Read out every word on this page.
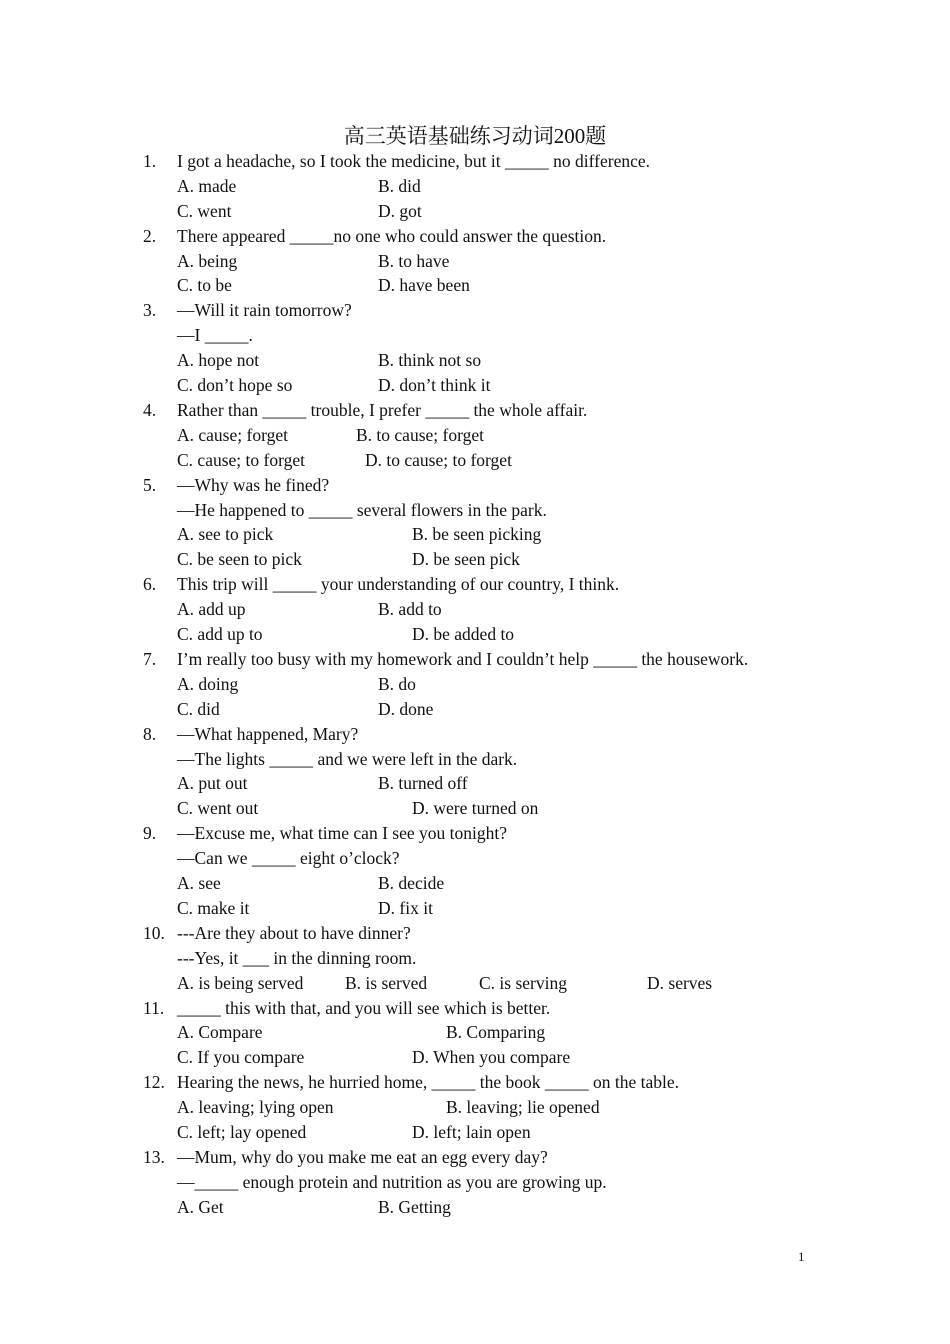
高三英语基础练习动词200题
1. I got a headache, so I took the medicine, but it _____ no difference.
A. made	B. did
C. went	D. got
2. There appeared _____no one who could answer the question.
A. being	B. to have
C. to be	D. have been
3. —Will it rain tomorrow?
—I _____.
A. hope not	B. think not so
C. don’t hope so	D. don’t think it
4. Rather than _____ trouble, I prefer _____ the whole affair.
A. cause; forget	B. to cause; forget
C. cause; to forget	D. to cause; to forget
5. —Why was he fined?
—He happened to _____ several flowers in the park.
A. see to pick	B. be seen picking
C. be seen to pick	D. be seen pick
6. This trip will _____ your understanding of our country, I think.
A. add up	B. add to
C. add up to	D. be added to
7. I’m really too busy with my homework and I couldn’t help _____ the housework.
A. doing	B. do
C. did	D. done
8. —What happened, Mary?
—The lights _____ and we were left in the dark.
A. put out	B. turned off
C. went out	D. were turned on
9. —Excuse me, what time can I see you tonight?
—Can we _____ eight o’clock?
A. see	B. decide
C. make it	D. fix it
10. ---Are they about to have dinner?
---Yes, it ___ in the dinning room.
A. is being served B. is served	C. is serving	D. serves
11. _____ this with that, and you will see which is better.
A. Compare	B. Comparing
C. If you compare	D. When you compare
12. Hearing the news, he hurried home, _____ the book _____ on the table.
A. leaving; lying open	B. leaving; lie opened
C. left; lay opened	D. left; lain open
13. —Mum, why do you make me eat an egg every day?
—_____ enough protein and nutrition as you are growing up.
A. Get	B. Getting
1
